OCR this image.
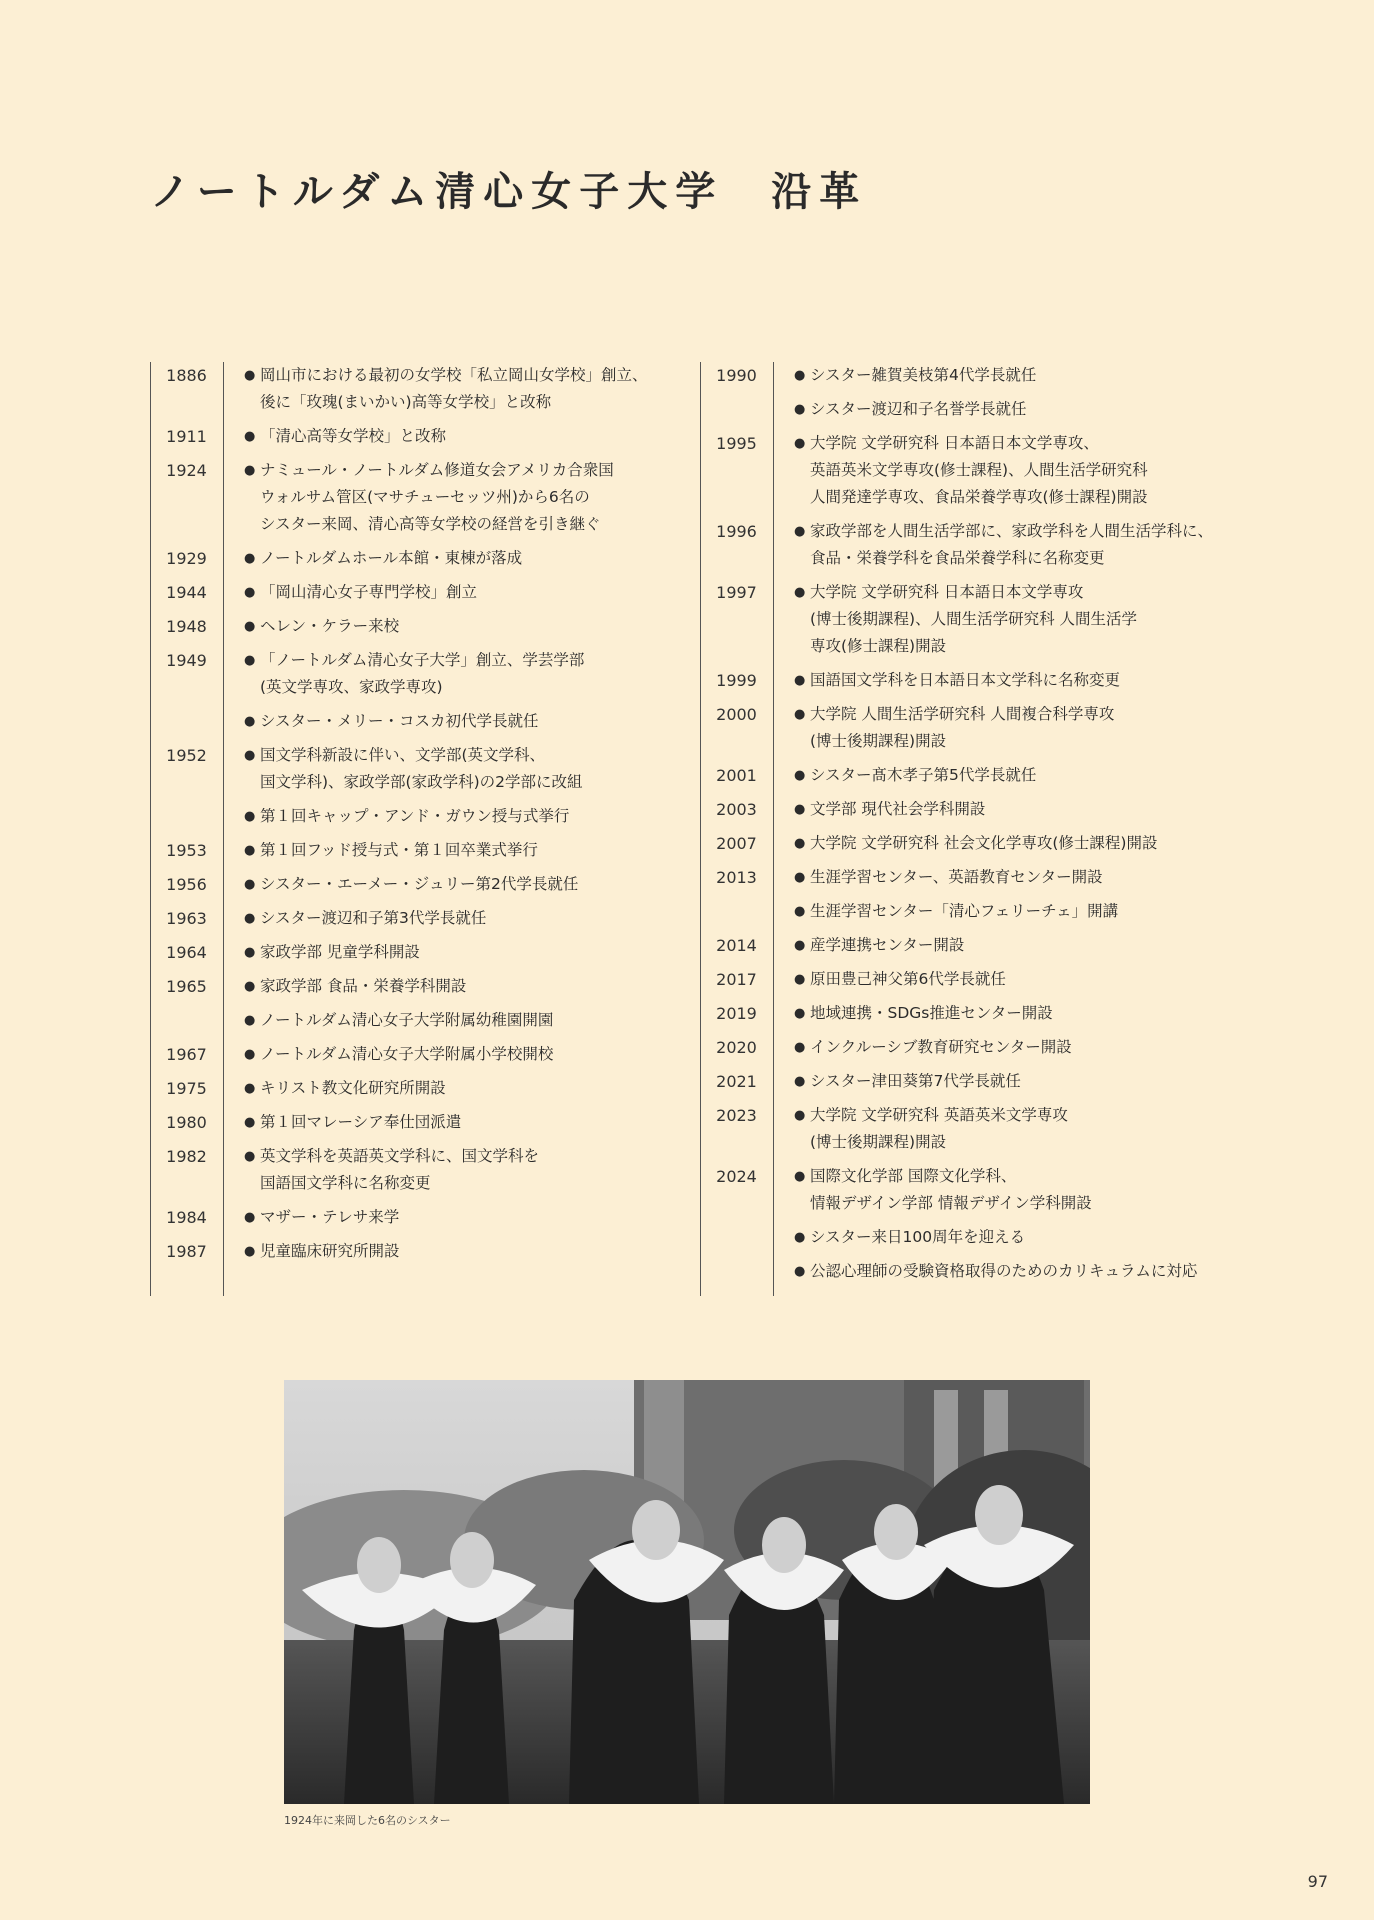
ノートルダム清心女子大学　沿革
1886	● 岡山市における最初の女学校「私立岡山女学校」創立、
後に「玫瑰(まいかい)高等女学校」と改称
1911	● 「清心高等女学校」と改称
1924	● ナミュール・ノートルダム修道女会アメリカ合衆国
ウォルサム管区(マサチューセッツ州)から6名の
シスター来岡、清心高等女学校の経営を引き継ぐ
1929	● ノートルダムホール本館・東棟が落成
1944	● 「岡山清心女子専門学校」創立
1948	● ヘレン・ケラー来校
1949	● 「ノートルダム清心女子大学」創立、学芸学部
(英文学専攻、家政学専攻)
● シスター・メリー・コスカ初代学長就任
1952	● 国文学科新設に伴い、文学部(英文学科、
国文学科)、家政学部(家政学科)の2学部に改組
● 第１回キャップ・アンド・ガウン授与式挙行
1953	● 第１回フッド授与式・第１回卒業式挙行
1956	● シスター・エーメー・ジュリー第2代学長就任
1963	● シスター渡辺和子第3代学長就任
1964	● 家政学部 児童学科開設
1965	● 家政学部 食品・栄養学科開設
● ノートルダム清心女子大学附属幼稚園開園
1967	● ノートルダム清心女子大学附属小学校開校
1975	● キリスト教文化研究所開設
1980	● 第１回マレーシア奉仕団派遣
1982	● 英文学科を英語英文学科に、国文学科を
国語国文学科に名称変更
1984	● マザー・テレサ来学
1987	● 児童臨床研究所開設
1990	● シスター雑賀美枝第4代学長就任
● シスター渡辺和子名誉学長就任
1995	● 大学院 文学研究科 日本語日本文学専攻、
英語英米文学専攻(修士課程)、人間生活学研究科
人間発達学専攻、食品栄養学専攻(修士課程)開設
1996	● 家政学部を人間生活学部に、家政学科を人間生活学科に、
食品・栄養学科を食品栄養学科に名称変更
1997	● 大学院 文学研究科 日本語日本文学専攻
(博士後期課程)、人間生活学研究科 人間生活学
専攻(修士課程)開設
1999	● 国語国文学科を日本語日本文学科に名称変更
2000	● 大学院 人間生活学研究科 人間複合科学専攻
(博士後期課程)開設
2001	● シスター髙木孝子第5代学長就任
2003	● 文学部 現代社会学科開設
2007	● 大学院 文学研究科 社会文化学専攻(修士課程)開設
2013	● 生涯学習センター、英語教育センター開設
● 生涯学習センター「清心フェリーチェ」開講
2014	● 産学連携センター開設
2017	● 原田豊己神父第6代学長就任
2019	● 地域連携・SDGs推進センター開設
2020	● インクルーシブ教育研究センター開設
2021	● シスター津田葵第7代学長就任
2023	● 大学院 文学研究科 英語英米文学専攻
(博士後期課程)開設
2024	● 国際文化学部 国際文化学科、
情報デザイン学部 情報デザイン学科開設
● シスター来日100周年を迎える
● 公認心理師の受験資格取得のためのカリキュラムに対応
1924年に来岡した6名のシスター
97
